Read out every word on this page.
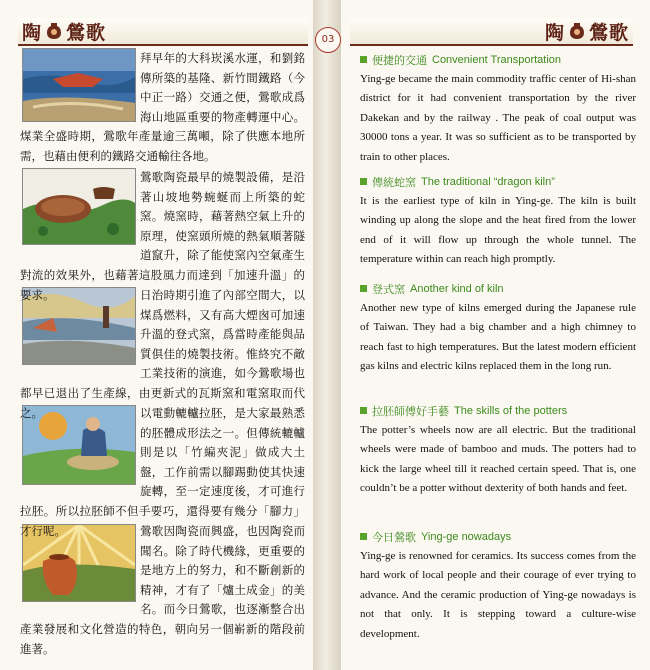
03
陶 鶯歌	陶 鶯歌
拜早年的大科崁溪水運，和劉銘傳所築的基隆、新竹間鐵路（今中正一路）交通之便，鶯歌成爲海山地區重要的物產轉運中心。煤業全盛時期，鶯歌年產量逾三萬噸，除了供應本地所需，也藉由便利的鐵路交通輸往各地。
鶯歌陶瓷最早的燒製設備，是沿著山坡地勢蜿蜒而上所築的蛇窯。燒窯時，藉著熱空氣上升的原理，使窯頭所燒的熱氣順著隧道竄升，除了能使窯內空氣產生對流的效果外，也藉著這股風力而達到「加速升溫」的要求。	日治時期引進了內部空間大，以煤爲燃料，又有高大煙囪可加速升溫的登式窯，爲當時產能與品質俱佳的燒製技術。惟終究不敵工業技術的演進，如今鶯歌場也都早已退出了生產線，由更新式的瓦斯窯和電窯取而代之。	以電動轆轤拉胚，是大家最熟悉的胚體成形法之一。但傳統轆轤則是以「竹編夾泥」做成大土盤，工作前需以腳踢動使其快速旋轉，至一定速度後，才可進行拉胚。所以拉胚師不但手要巧，還得要有幾分「腳力」才行呢。	鶯歌因陶瓷而興盛，也因陶瓷而聞名。除了時代機緣，更重要的是地方上的努力，和不斷創新的精神，才有了「爐土成金」的美名。而今日鶯歌，也逐漸整合出產業發展和文化營造的特色，朝向另一個嶄新的階段前進著。
便捷的交通 Convenient Transportation

Ying-ge became the main commodity traffic center of Hi-shan district for it had convenient transportation by the river Dakekan and by the railway . The peak of coal output was 30000 tons a year. It was so sufficient as to be transported by train to other places.

傳統蛇窯 The traditional “dragon kiln”

It is the earliest type of kiln in Ying-ge. The kiln is built winding up along the slope and the heat fired from the lower end of it will flow up through the whole tunnel. The temperature within can reach high promptly.

登式窯 Another kind of kiln

Another new type of kilns emerged during the Japanese rule of Taiwan. They had a big chamber and a high chimney to reach fast to high temperatures. But the latest modern efficient gas kilns and electric kilns replaced them in the long run.

拉胚師傅好手藝 The skills of the potters

The potter’s wheels now are all electric. But the traditional wheels were made of bamboo and muds. The potters had to kick the large wheel till it reached certain speed. That is, one couldn’t be a potter without dexterity of both hands and feet.

今日鶯歌 Ying-ge nowadays

Ying-ge is renowned for ceramics. Its success comes from the hard work of local people and their courage of ever trying to advance. And the ceramic production of Ying-ge nowadays is not that only. It is stepping toward a culture-wise development.
